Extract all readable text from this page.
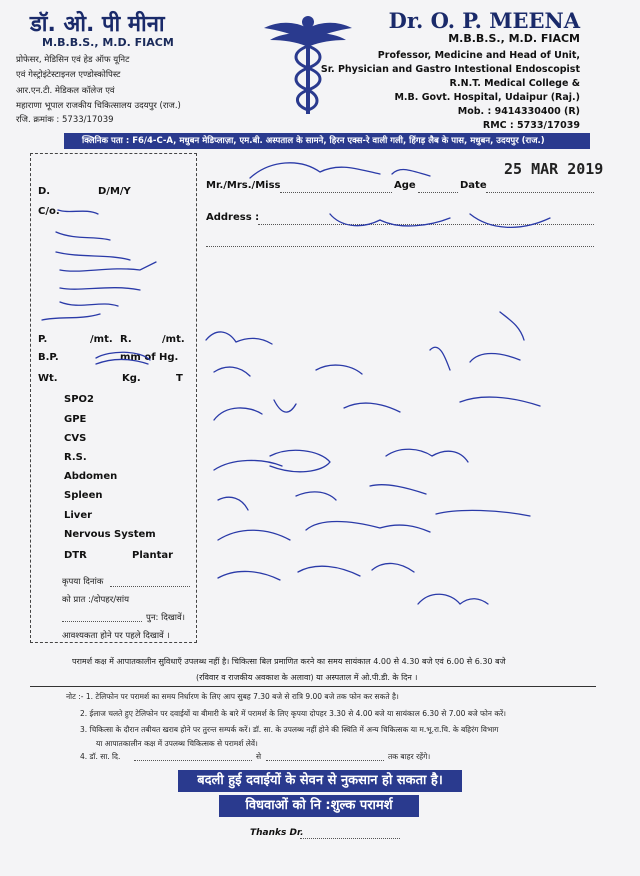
डॉ. ओ. पी मीना
M.B.B.S., M.D. FIACM
प्रोफेसर, मेडिसिन एवं हेड ऑफ यूनिट
एवं गेस्ट्रोइंटेस्टाइनल एण्डोस्कोपिस्ट
आर.एन.टी. मेडिकल कॉलेज एवं
महाराणा भूपाल राजकीय चिकित्सालय उदयपुर (राज.)
रजि. क्रमांक : 5733/17039
Dr. O. P. MEENA
M.B.B.S., M.D. FIACM
Professor, Medicine and Head of Unit,
Sr. Physician and Gastro Intestional Endoscopist
R.N.T. Medical College &
M.B. Govt. Hospital, Udaipur (Raj.)
Mob. : 9414330400 (R)
RMC : 5733/17039
क्लिनिक पता : F6/4-C-A, मधुबन मेडिप्लाज़ा, एम.बी. अस्पताल के सामने, हिरन एक्स-रे वाली गली, हिंगड़ लैब के पास, मधुबन, उदयपुर (राज.)
Mr./Mrs./Miss	Age	Date
25 MAR 2019
Address :
D.	D/M/Y
C/o.
P.	/mt. R.	/mt.
B.P.	mm of Hg.
Wt.	Kg.	T
SPO2
GPE
CVS
R.S.
Abdomen
Spleen
Liver
Nervous System
DTR	Plantar
कृपया दिनांक
को प्रात :/दोपहर/सांय
पुन: दिखावें।
आवश्यकता होने पर पहले दिखावें ।
परामर्श कक्ष में आपातकालीन सुविधाएँ उपलब्ध नहीं है। चिकित्सा बिल प्रमाणित करने का समय सायंकाल 4.00 से 4.30 बजे एवं 6.00 से 6.30 बजे
(रविवार व राजकीय अवकाश के अलावा) या अस्पताल में ओ.पी.डी. के दिन ।
नोट :- 1. टेलिफोन पर परामर्श का समय निर्धारण के लिए आप सुबह 7.30 बजे से रात्रि 9.00 बजे तक फोन कर सकते है।
2. ईलाज चलते हुए टेलिफोन पर दवाईयों या बीमारी के बारे में परामर्श के लिए कृपया दोपहर 3.30 से 4.00 बजे या सायंकाल 6.30 से 7.00 बजे फोन करें।
3. चिकित्सा के दौरान तबीयत खराब होने पर तुरन्त सम्पर्क करें। डॉ. सा. के उपलब्ध नहीं होने की स्थिति में अन्य चिकित्सक या म.भू.रा.चि. के बहिरंग विभाग
या आपातकालीन कक्ष में उपलब्ध चिकित्सक से परामर्श लेवें।
4. डॉ. सा. दि.	से	तक बाहर रहेंगे।
बदली हुई दवाईयों के सेवन से नुकसान हो सकता है।
विधवाओं को नि :शुल्क परामर्श
Thanks Dr.
